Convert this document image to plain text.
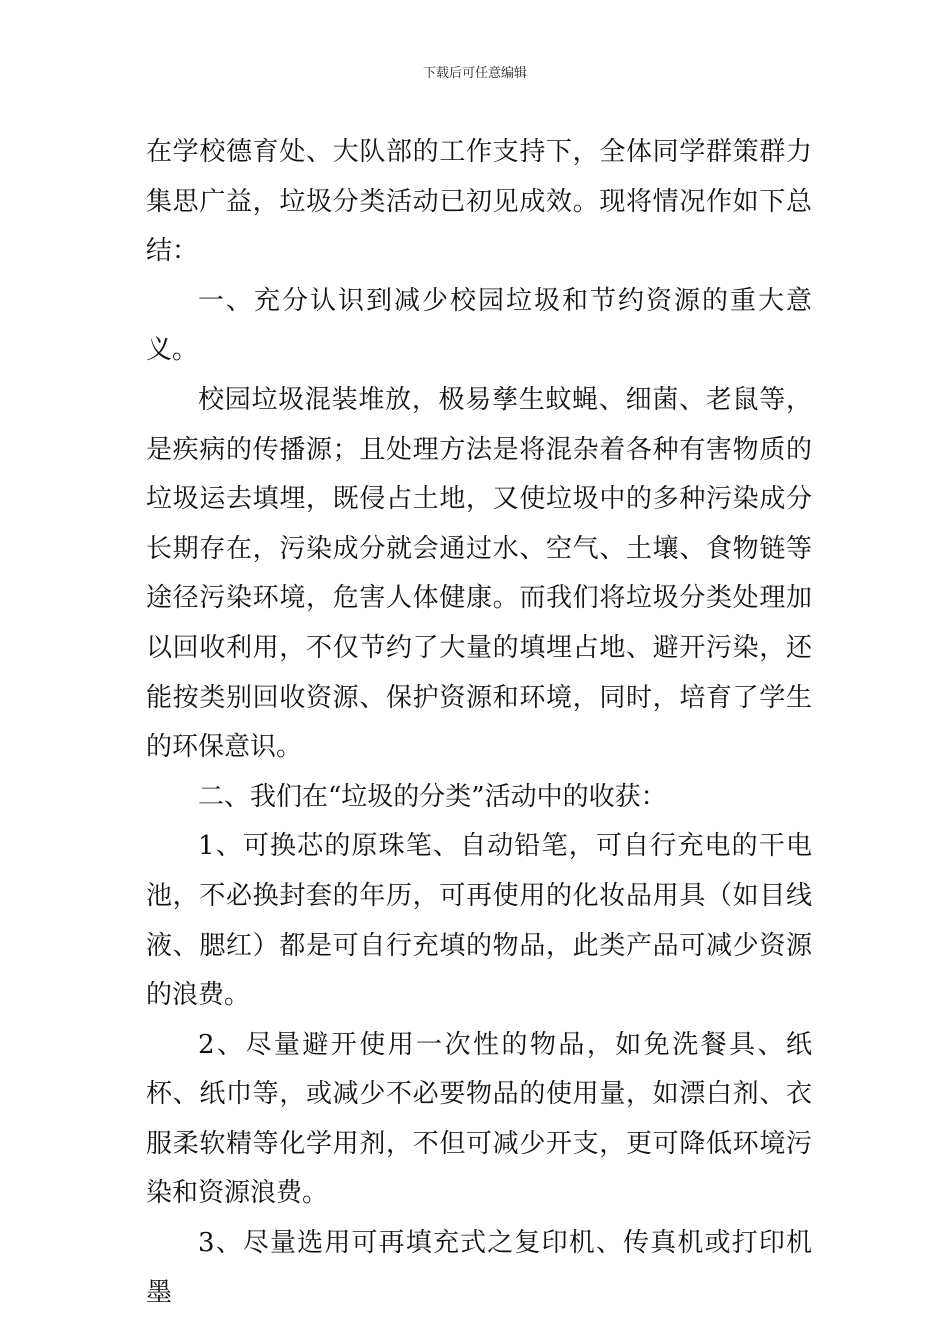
下载后可任意编辑

在学校德育处、大队部的工作支持下，全体同学群策群力集思广益，垃圾分类活动已初见成效。现将情况作如下总结：

一、充分认识到减少校园垃圾和节约资源的重大意义。

校园垃圾混装堆放，极易孳生蚊蝇、细菌、老鼠等，是疾病的传播源；且处理方法是将混杂着各种有害物质的垃圾运去填埋，既侵占土地，又使垃圾中的多种污染成分长期存在，污染成分就会通过水、空气、土壤、食物链等途径污染环境，危害人体健康。而我们将垃圾分类处理加以回收利用，不仅节约了大量的填埋占地、避开污染，还能按类别回收资源、保护资源和环境，同时，培育了学生的环保意识。

二、我们在“垃圾的分类”活动中的收获：

1、可换芯的原珠笔、自动铅笔，可自行充电的干电池，不必换封套的年历，可再使用的化妆品用具（如目线液、腮红）都是可自行充填的物品，此类产品可减少资源的浪费。

2、尽量避开使用一次性的物品，如免洗餐具、纸杯、纸巾等，或减少不必要物品的使用量，如漂白剂、衣服柔软精等化学用剂，不但可减少开支，更可降低环境污染和资源浪费。

3、尽量选用可再填充式之复印机、传真机或打印机墨
